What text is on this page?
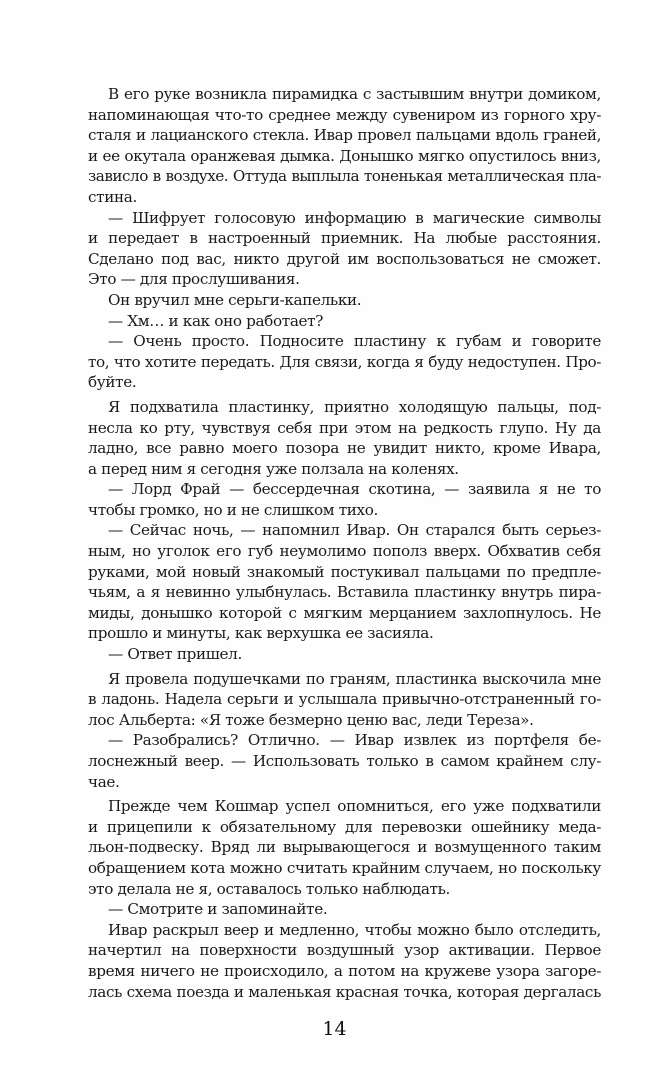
В его руке возникла пирамидка с застывшим внутри домиком,
напоминающая что-то среднее между сувениром из горного хру-
сталя и лацианского стекла. Ивар провел пальцами вдоль граней,
и ее окутала оранжевая дымка. Донышко мягко опустилось вниз,
зависло в воздухе. Оттуда выплыла тоненькая металлическая пла-
стина.
— Шифрует голосовую информацию в магические символы
и передает в настроенный приемник. На любые расстояния.
Сделано под вас, никто другой им воспользоваться не сможет.
Это — для прослушивания.
Он вручил мне серьги-капельки.
— Хм… и как оно работает?
— Очень просто. Подносите пластину к губам и говорите
то, что хотите передать. Для связи, когда я буду недоступен. Про-
буйте.
Я подхватила пластинку, приятно холодящую пальцы, под-
несла ко рту, чувствуя себя при этом на редкость глупо. Ну да
ладно, все равно моего позора не увидит никто, кроме Ивара,
а перед ним я сегодня уже ползала на коленях.
— Лорд Фрай — бессердечная скотина, — заявила я не то
чтобы громко, но и не слишком тихо.
— Сейчас ночь, — напомнил Ивар. Он старался быть серьез-
ным, но уголок его губ неумолимо пополз вверх. Обхватив себя
руками, мой новый знакомый постукивал пальцами по предпле-
чьям, а я невинно улыбнулась. Вставила пластинку внутрь пира-
миды, донышко которой с мягким мерцанием захлопнулось. Не
прошло и минуты, как верхушка ее засияла.
— Ответ пришел.
Я провела подушечками по граням, пластинка выскочила мне
в ладонь. Надела серьги и услышала привычно-отстраненный го-
лос Альберта: «Я тоже безмерно ценю вас, леди Тереза».
— Разобрались? Отлично. — Ивар извлек из портфеля бе-
лоснежный веер. — Использовать только в самом крайнем слу-
чае.
Прежде чем Кошмар успел опомниться, его уже подхватили
и прицепили к обязательному для перевозки ошейнику меда-
льон-подвеску. Вряд ли вырывающегося и возмущенного таким
обращением кота можно считать крайним случаем, но поскольку
это делала не я, оставалось только наблюдать.
— Смотрите и запоминайте.
Ивар раскрыл веер и медленно, чтобы можно было отследить,
начертил на поверхности воздушный узор активации. Первое
время ничего не происходило, а потом на кружеве узора загоре-
лась схема поезда и маленькая красная точка, которая дергалась
14
